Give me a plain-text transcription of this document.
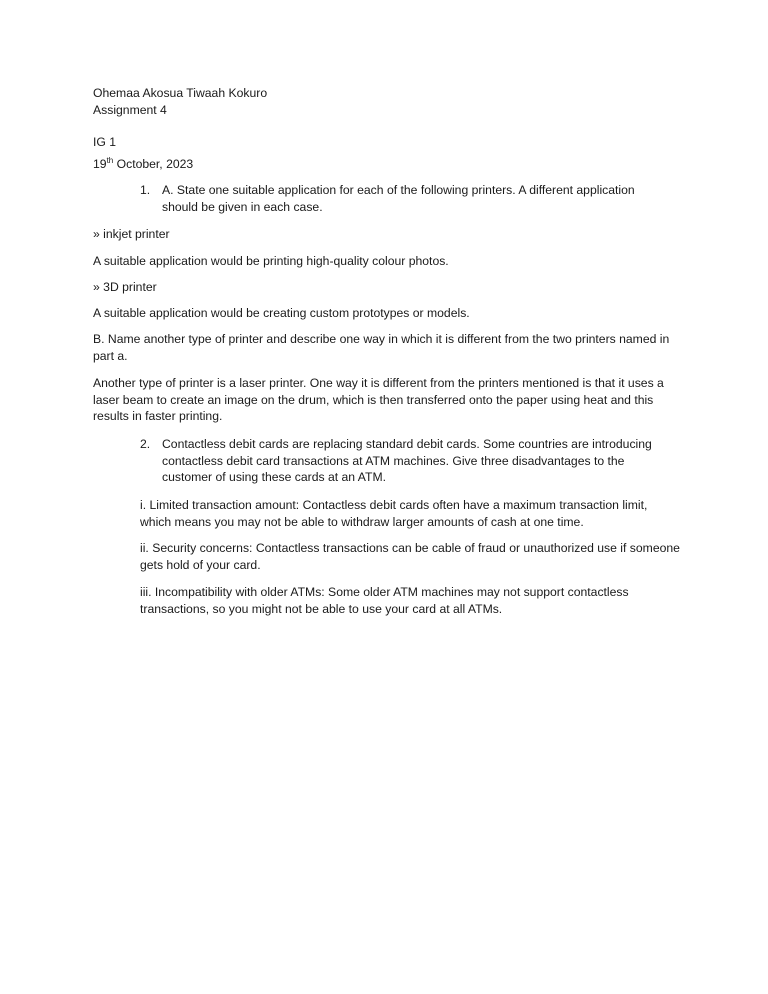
Ohemaa Akosua Tiwaah Kokuro

Assignment 4

IG 1

19th October, 2023

1. A. State one suitable application for each of the following printers. A different application should be given in each case.

» inkjet printer

A suitable application would be printing high-quality colour photos.

» 3D printer

A suitable application would be creating custom prototypes or models.

B. Name another type of printer and describe one way in which it is different from the two printers named in part a.

Another type of printer is a laser printer. One way it is different from the printers mentioned is that it uses a laser beam to create an image on the drum, which is then transferred onto the paper using heat and this results in faster printing.

2. Contactless debit cards are replacing standard debit cards. Some countries are introducing contactless debit card transactions at ATM machines. Give three disadvantages to the customer of using these cards at an ATM.

i. Limited transaction amount: Contactless debit cards often have a maximum transaction limit, which means you may not be able to withdraw larger amounts of cash at one time.

ii. Security concerns: Contactless transactions can be cable of fraud or unauthorized use if someone gets hold of your card.

iii. Incompatibility with older ATMs: Some older ATM machines may not support contactless transactions, so you might not be able to use your card at all ATMs.
